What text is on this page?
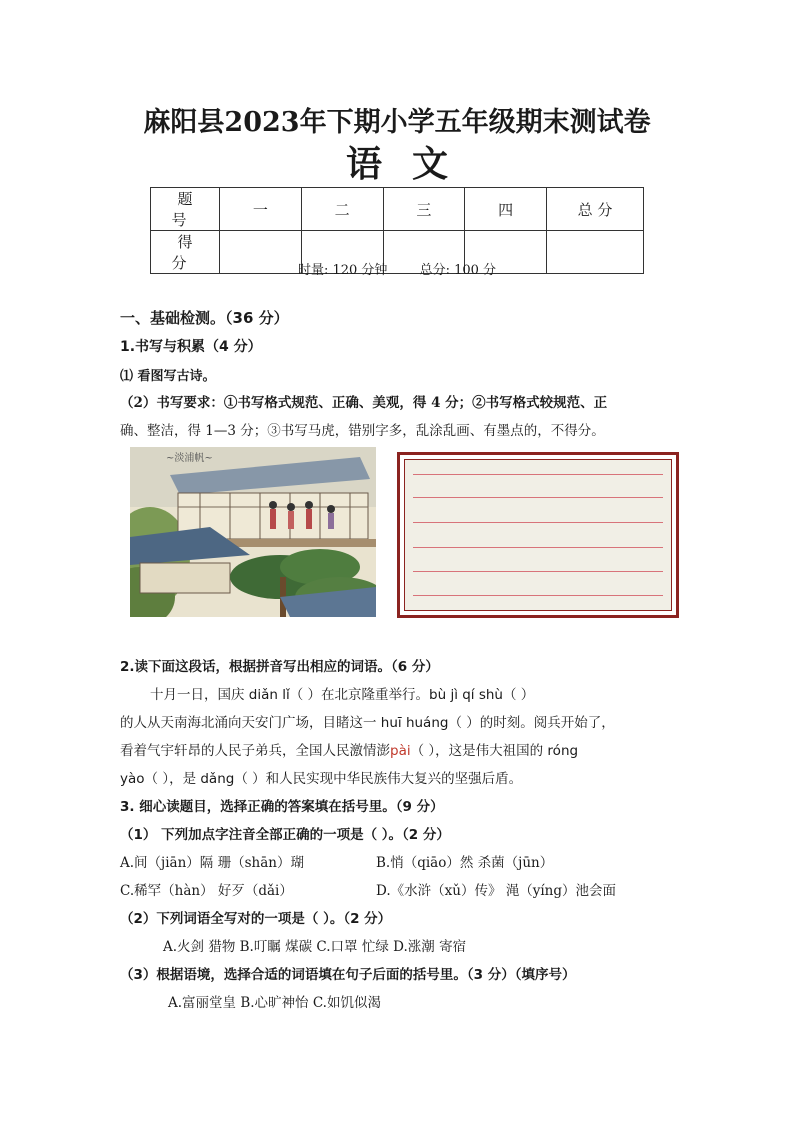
麻阳县2023年下期小学五年级期末测试卷
语文
题 号	一	二	三	四	总 分
得 分						时量: 120 分钟 总分: 100 分
一、基础检测。（36 分）
1.书写与积累（4 分）
⑴ 看图写古诗。
（2）书写要求：①书写格式规范、正确、美观，得 4 分；②书写格式较规范、正
确、整洁，得 1—3 分；③书写马虎，错别字多，乱涂乱画、有墨点的，不得分。
~淡浦帆~
2.读下面这段话，根据拼音写出相应的词语。（6 分）
十月一日，国庆 diǎn lǐ（ ）在北京隆重举行。bù jì qí shù（ ）
的人从天南海北涌向天安门广场，目睹这一 huī huáng（ ）的时刻。阅兵开始了，
看着气宇轩昂的人民子弟兵，全国人民激情澎pài（ ），这是伟大祖国的 róng
yào（ ），是 dǎng（ ）和人民实现中华民族伟大复兴的坚强后盾。
3. 细心读题目，选择正确的答案填在括号里。（9 分）
（1） 下列加点字注音全部正确的一项是（ ）。（2 分）
A.间（jiān）隔 珊（shān）瑚	B.悄（qiāo）然 杀菌（jūn）
C.稀罕（hàn） 好歹（dǎi）	D.《水浒（xǔ）传》 渑（yíng）池会面
（2）下列词语全写对的一项是（ ）。（2 分）
A.火剑 猎物 B.叮瞩 煤碳 C.口罩 忙绿 D.涨潮 寄宿
（3）根据语境，选择合适的词语填在句子后面的括号里。（3 分）（填序号）
A.富丽堂皇 B.心旷神怡 C.如饥似渴
